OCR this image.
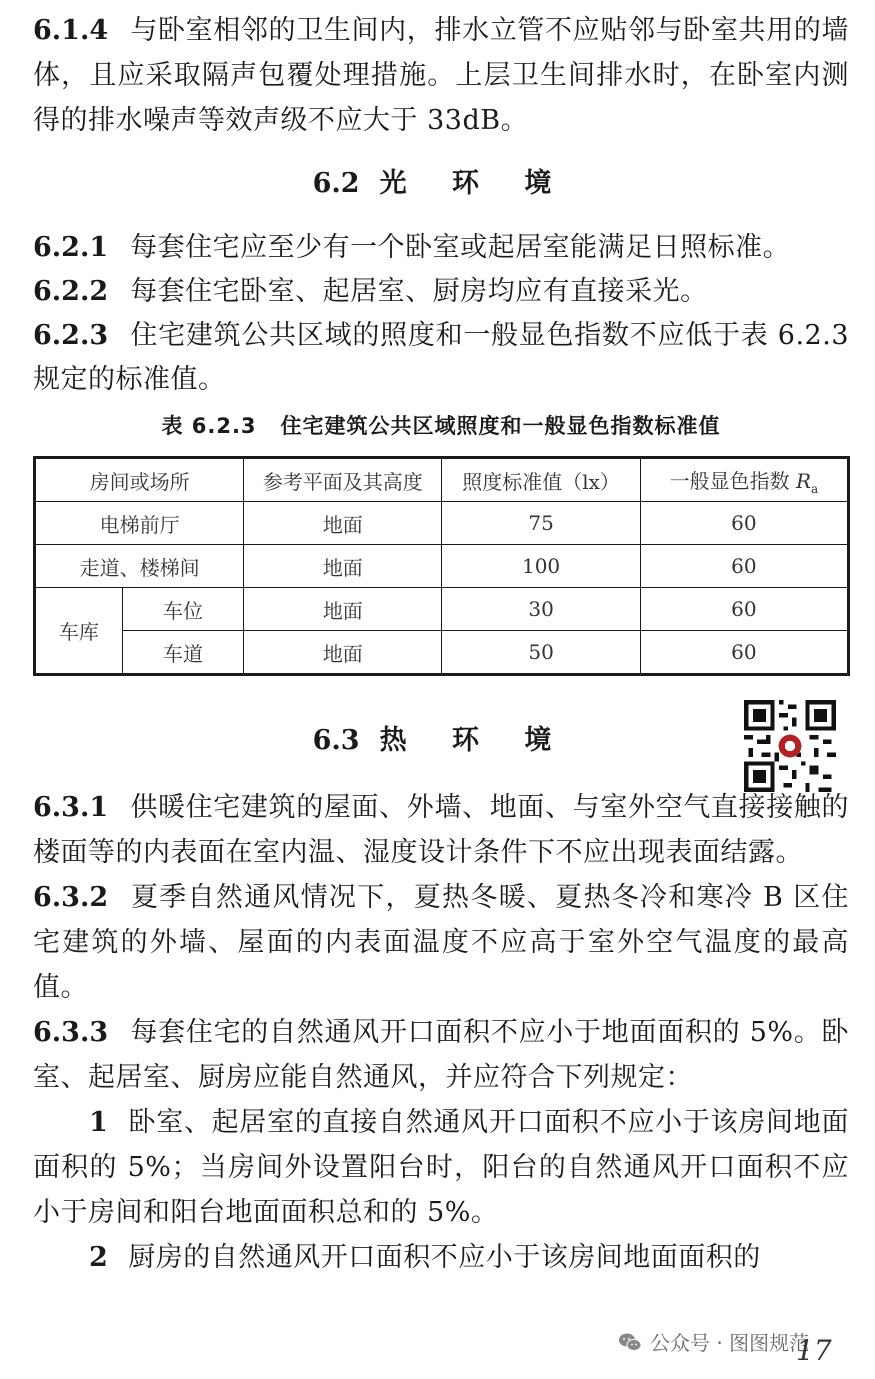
6.1.4 与卧室相邻的卫生间内，排水立管不应贴邻与卧室共用的墙体，且应采取隔声包覆处理措施。上层卫生间排水时，在卧室内测得的排水噪声等效声级不应大于 33dB。

6.2 光 环 境

6.2.1 每套住宅应至少有一个卧室或起居室能满足日照标准。

6.2.2 每套住宅卧室、起居室、厨房均应有直接采光。

6.2.3 住宅建筑公共区域的照度和一般显色指数不应低于表 6.2.3 规定的标准值。

表 6.2.3 住宅建筑公共区域照度和一般显色指数标准值

房间或场所		参考平面及其高度	照度标准值（lx）	一般显色指数 $R_a$
电梯前厅		地面	75	60
走道、楼梯间		地面	100	60
车库	车位	地面	30	60
	车道	地面	50	60

6.3 热 环 境

6.3.1 供暖住宅建筑的屋面、外墙、地面、与室外空气直接接触的楼面等的内表面在室内温、湿度设计条件下不应出现表面结露。

6.3.2 夏季自然通风情况下，夏热冬暖、夏热冬冷和寒冷 B 区住宅建筑的外墙、屋面的内表面温度不应高于室外空气温度的最高值。

6.3.3 每套住宅的自然通风开口面积不应小于地面面积的 5%。卧室、起居室、厨房应能自然通风，并应符合下列规定：

1 卧室、起居室的直接自然通风开口面积不应小于该房间地面面积的 5%；当房间外设置阳台时，阳台的自然通风开口面积不应小于房间和阳台地面面积总和的 5%。

2 厨房的自然通风开口面积不应小于该房间地面面积的

公众号 · 图图规范
17
